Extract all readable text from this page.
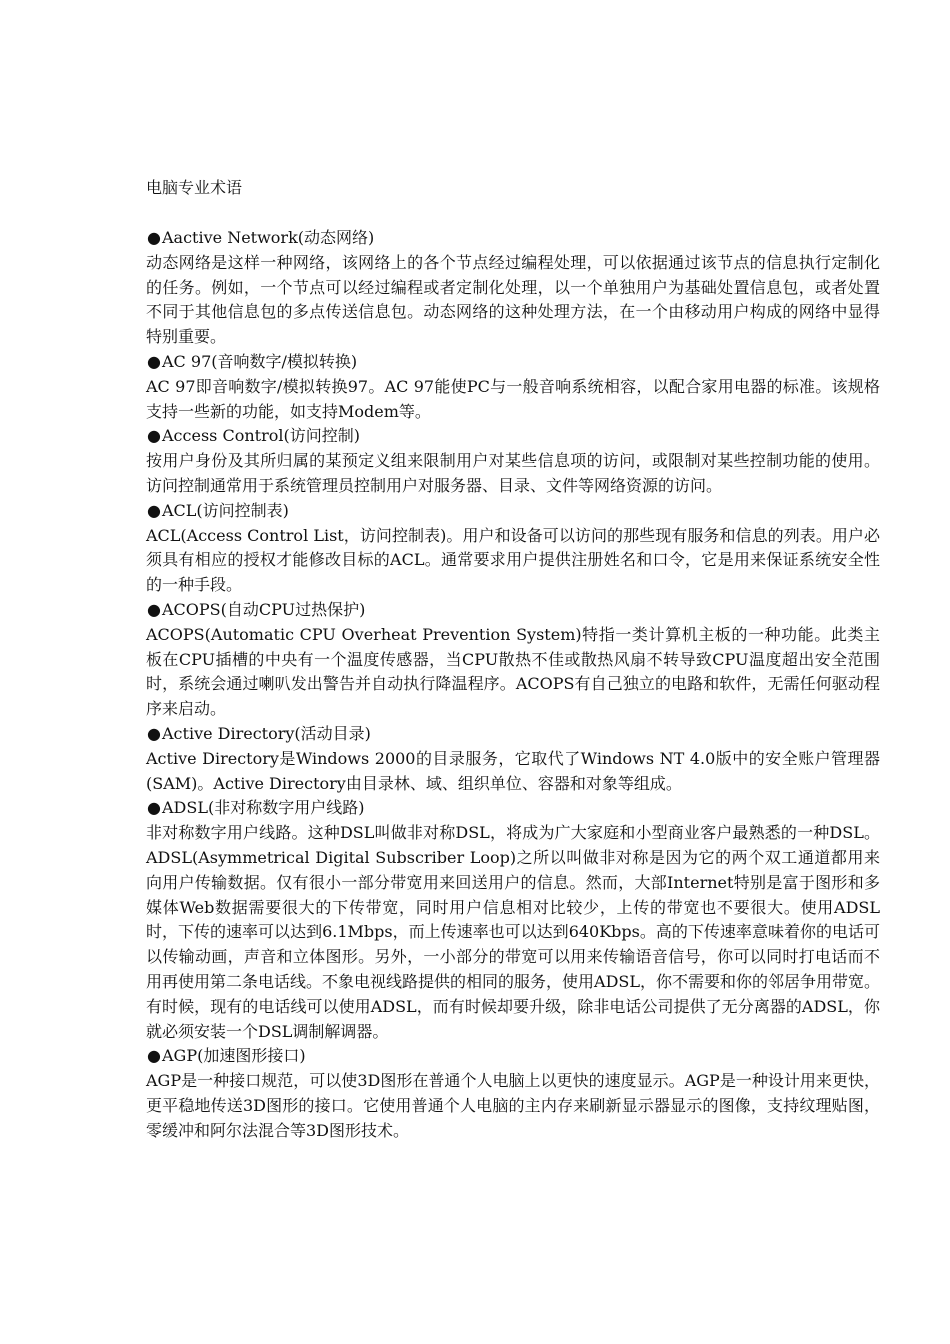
电脑专业术语

●Aactive Network(动态网络)

动态网络是这样一种网络，该网络上的各个节点经过编程处理，可以依据通过该节点的信息执行定制化的任务。例如，一个节点可以经过编程或者定制化处理，以一个单独用户为基础处置信息包，或者处置不同于其他信息包的多点传送信息包。动态网络的这种处理方法，在一个由移动用户构成的网络中显得特别重要。

●AC 97(音响数字/模拟转换)

AC 97即音响数字/模拟转换97。AC 97能使PC与一般音响系统相容，以配合家用电器的标准。该规格支持一些新的功能，如支持Modem等。

●Access Control(访问控制)

按用户身份及其所归属的某预定义组来限制用户对某些信息项的访问，或限制对某些控制功能的使用。访问控制通常用于系统管理员控制用户对服务器、目录、文件等网络资源的访问。

●ACL(访问控制表)

ACL(Access Control List，访问控制表)。用户和设备可以访问的那些现有服务和信息的列表。用户必须具有相应的授权才能修改目标的ACL。通常要求用户提供注册姓名和口令，它是用来保证系统安全性的一种手段。

●ACOPS(自动CPU过热保护)

ACOPS(Automatic CPU Overheat Prevention System)特指一类计算机主板的一种功能。此类主板在CPU插槽的中央有一个温度传感器，当CPU散热不佳或散热风扇不转导致CPU温度超出安全范围时，系统会通过喇叭发出警告并自动执行降温程序。ACOPS有自己独立的电路和软件，无需任何驱动程序来启动。

●Active Directory(活动目录)

Active Directory是Windows 2000的目录服务，它取代了Windows NT 4.0版中的安全账户管理器(SAM)。Active Directory由目录林、域、组织单位、容器和对象等组成。

●ADSL(非对称数字用户线路)

非对称数字用户线路。这种DSL叫做非对称DSL，将成为广大家庭和小型商业客户最熟悉的一种DSL。ADSL(Asymmetrical Digital Subscriber Loop)之所以叫做非对称是因为它的两个双工通道都用来向用户传输数据。仅有很小一部分带宽用来回送用户的信息。然而，大部Internet特别是富于图形和多媒体Web数据需要很大的下传带宽，同时用户信息相对比较少，上传的带宽也不要很大。使用ADSL时，下传的速率可以达到6.1Mbps，而上传速率也可以达到640Kbps。高的下传速率意味着你的电话可以传输动画，声音和立体图形。另外，一小部分的带宽可以用来传输语音信号，你可以同时打电话而不用再使用第二条电话线。不象电视线路提供的相同的服务，使用ADSL，你不需要和你的邻居争用带宽。有时候，现有的电话线可以使用ADSL，而有时候却要升级，除非电话公司提供了无分离器的ADSL，你就必须安装一个DSL调制解调器。

●AGP(加速图形接口)

AGP是一种接口规范，可以使3D图形在普通个人电脑上以更快的速度显示。AGP是一种设计用来更快，更平稳地传送3D图形的接口。它使用普通个人电脑的主内存来刷新显示器显示的图像，支持纹理贴图，零缓冲和阿尔法混合等3D图形技术。
